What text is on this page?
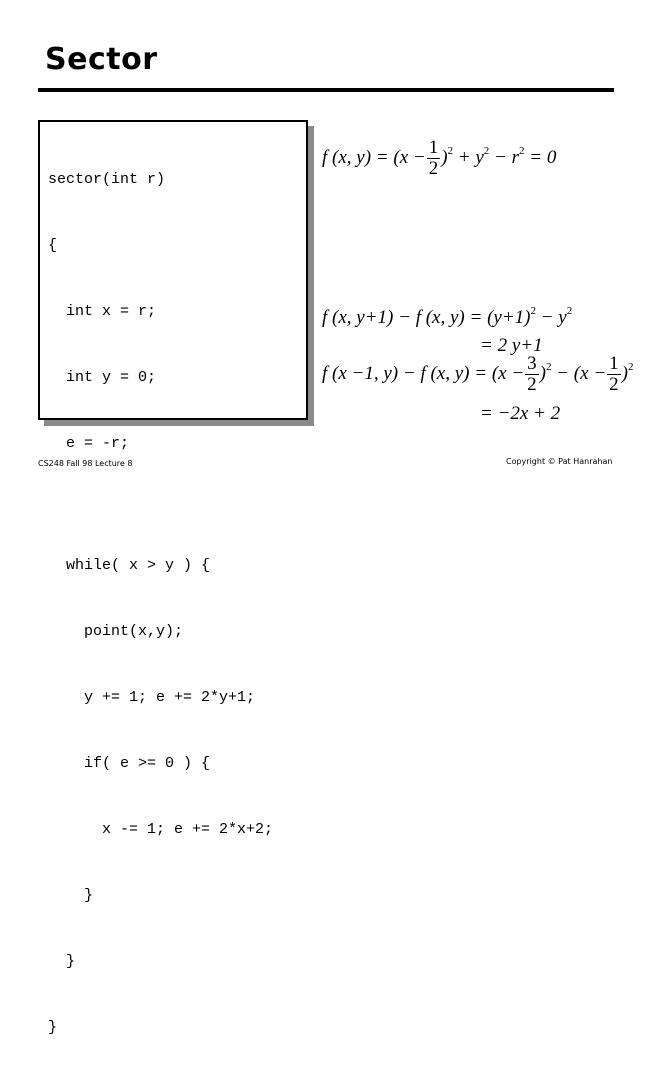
Sector

sector(int r)

{

int x = r;

int y = 0;

e = -r;

while( x > y ) {

point(x,y);

y += 1; e += 2*y+1;

if( e >= 0 ) {

x -= 1; e += 2*x+2;

}

}

}

f (x, $y) = (x - \frac{1}{2} )^2 + y^2 - r^2 = 0$
f (x, y+1) − f (x, $y) = (y+1)^2 - y^2$
= 2 y+1
f (x −1, y) − f (x, $y) = (x - \frac{3}{2} )^2 - (x - \frac{1}{2} )^2$
= −2x + 2
CS248 Fall 98 Lecture 8	Copyright © Pat Hanrahan
